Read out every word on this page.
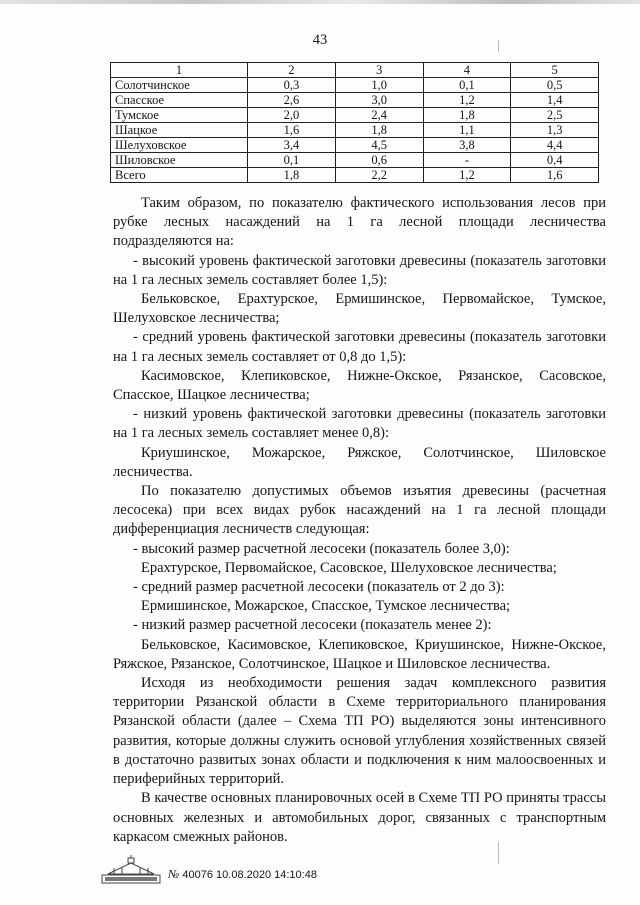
43
1	2	3	4	5
Солотчинское	0,3	1,0	0,1	0,5
Спасское	2,6	3,0	1,2	1,4
Тумское	2,0	2,4	1,8	2,5
Шацкое	1,6	1,8	1,1	1,3
Шелуховское	3,4	4,5	3,8	4,4
Шиловское	0,1	0,6	-	0,4
Всего	1,8	2,2	1,2	1,6

Таким образом, по показателю фактического использования лесов при рубке лесных насаждений на 1 га лесной площади лесничества подразделяются на:

- высокий уровень фактической заготовки древесины (показатель заготовки на 1 га лесных земель составляет более 1,5):

Бельковское, Ерахтурское, Ермишинское, Первомайское, Тумское, Шелуховское лесничества;

- средний уровень фактической заготовки древесины (показатель заготовки на 1 га лесных земель составляет от 0,8 до 1,5):

Касимовское, Клепиковское, Нижне-Окское, Рязанское, Сасовское, Спасское, Шацкое лесничества;

- низкий уровень фактической заготовки древесины (показатель заготовки на 1 га лесных земель составляет менее 0,8):

Криушинское, Можарское, Ряжское, Солотчинское, Шиловское лесничества.

По показателю допустимых объемов изъятия древесины (расчетная лесосека) при всех видах рубок насаждений на 1 га лесной площади дифференциация лесничеств следующая:

- высокий размер расчетной лесосеки (показатель более 3,0):

Ерахтурское, Первомайское, Сасовское, Шелуховское лесничества;

- средний размер расчетной лесосеки (показатель от 2 до 3):

Ермишинское, Можарское, Спасское, Тумское лесничества;

- низкий размер расчетной лесосеки (показатель менее 2):

Бельковское, Касимовское, Клепиковское, Криушинское, Нижне-Окское, Ряжское, Рязанское, Солотчинское, Шацкое и Шиловское лесничества.

Исходя из необходимости решения задач комплексного развития территории Рязанской области в Схеме территориального планирования Рязанской области (далее – Схема ТП РО) выделяются зоны интенсивного развития, которые должны служить основой углубления хозяйственных связей в достаточно развитых зонах области и подключения к ним малоосвоенных и периферийных территорий.

В качестве основных планировочных осей в Схеме ТП РО приняты трассы основных железных и автомобильных дорог, связанных с транспортным каркасом смежных районов.

№ 40076 10.08.2020 14:10:48
